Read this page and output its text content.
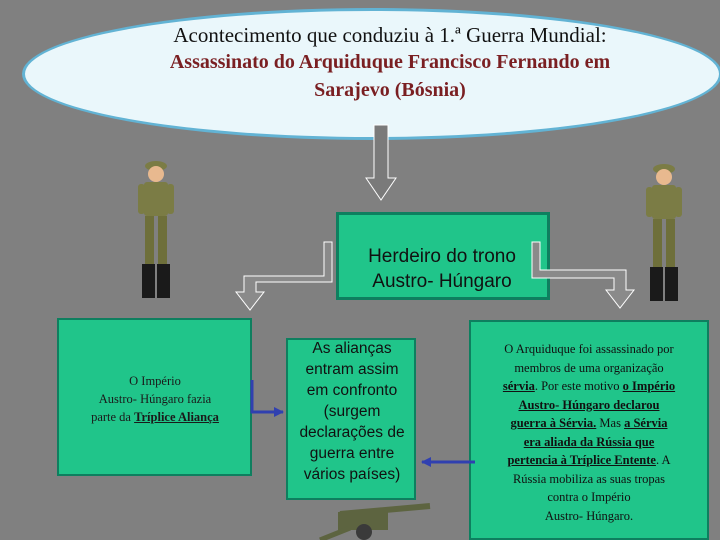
Acontecimento que conduziu à 1.ª Guerra Mundial:
Assassinato do Arquiduque Francisco Fernando em
Sarajevo (Bósnia)
Herdeiro do trono
Austro- Húngaro
O Império
Austro- Húngaro fazia
parte da Tríplice Aliança
As alianças
entram assim
em confronto
(surgem
declarações de
guerra entre
vários países)
O Arquiduque foi assassinado por
membros de uma organização
sérvia. Por este motivo o Império
Austro- Húngaro declarou
guerra à Sérvia. Mas a Sérvia
era aliada da Rússia que
pertencia à Tríplice Entente. A
Rússia mobiliza as suas tropas
contra o Império
Austro- Húngaro.
